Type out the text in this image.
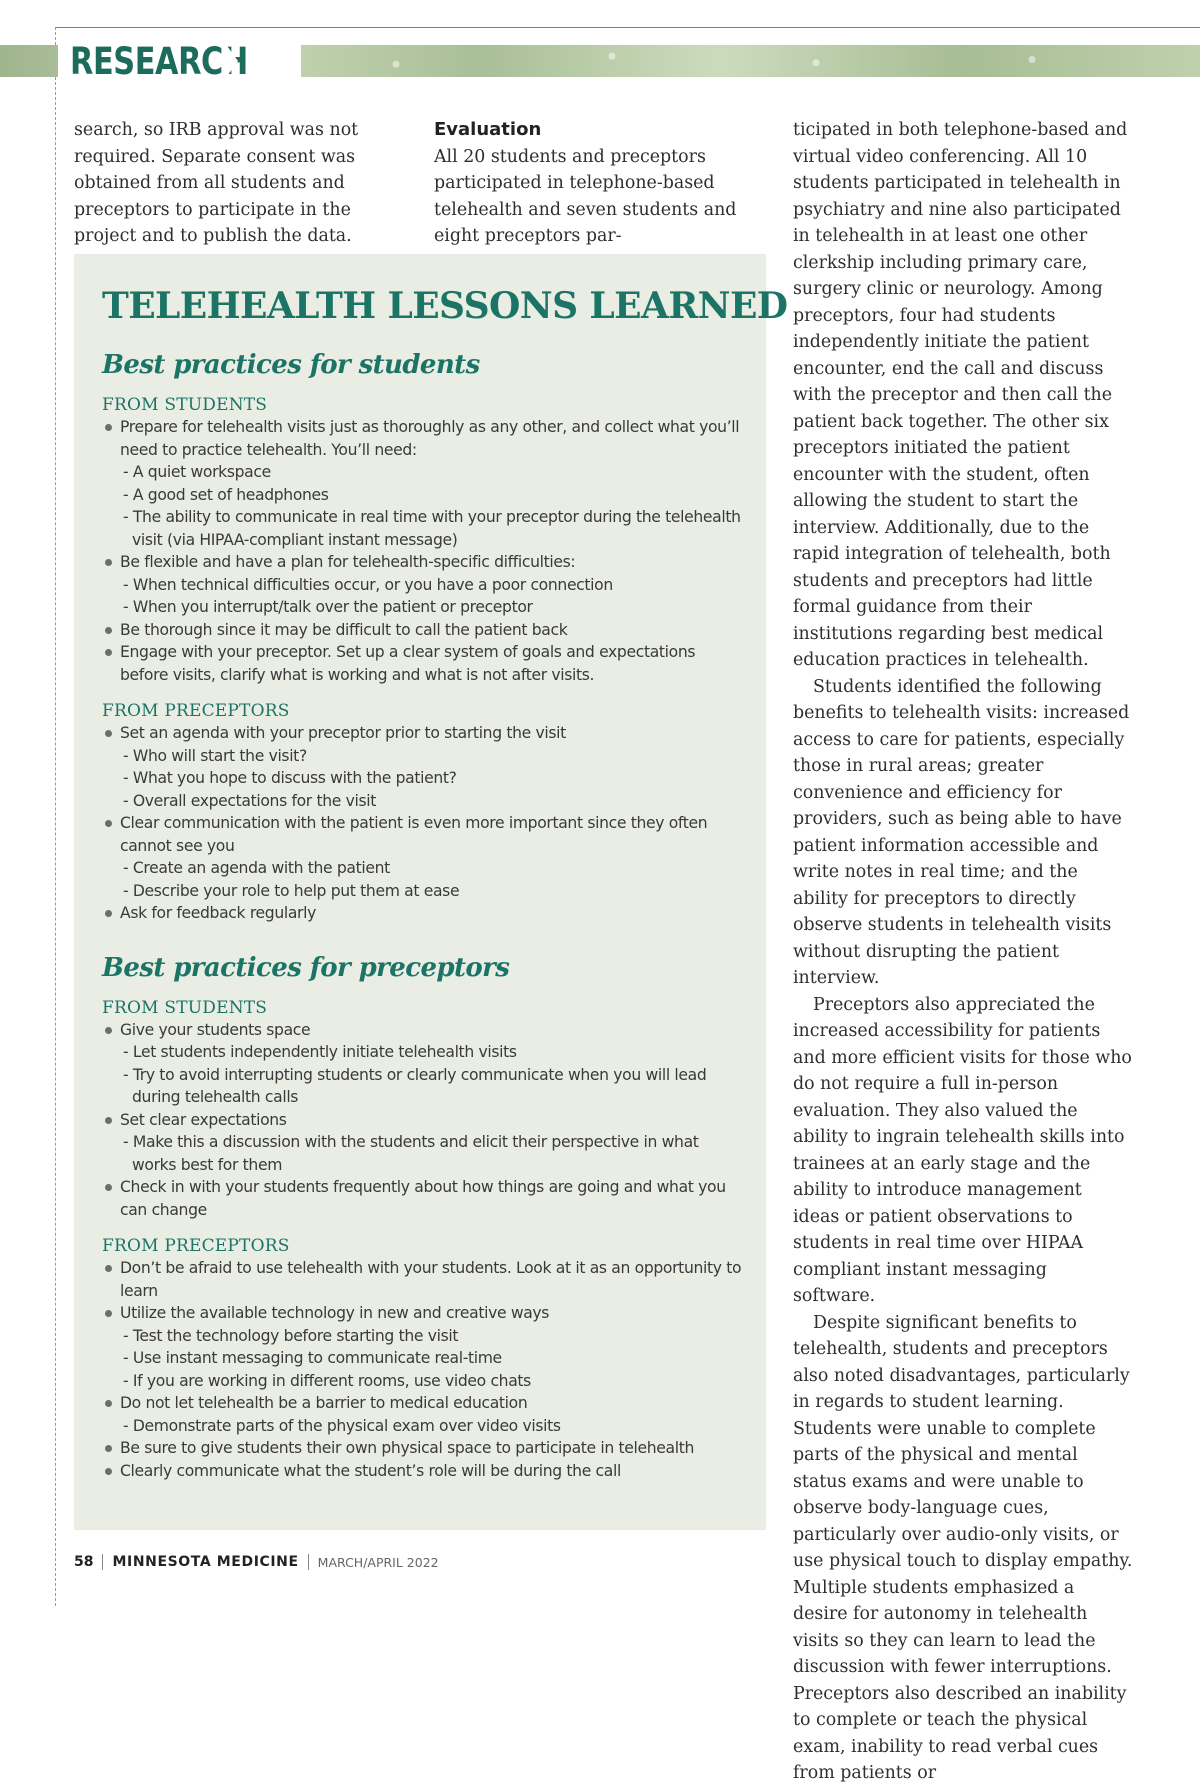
RESEARCH

search, so IRB approval was not required. Separate consent was obtained from all students and preceptors to participate in the project and to publish the data.

Evaluation

All 20 students and preceptors participated in telephone-based telehealth and seven students and eight preceptors par-

ticipated in both telephone-based and virtual video conferencing. All 10 students participated in telehealth in psychiatry and nine also participated in telehealth in at least one other clerkship including primary care, surgery clinic or neurology. Among preceptors, four had students independently initiate the patient encounter, end the call and discuss with the preceptor and then call the patient back together. The other six preceptors initiated the patient encounter with the student, often allowing the student to start the interview. Additionally, due to the rapid integration of telehealth, both students and preceptors had little formal guidance from their institutions regarding best medical education practices in telehealth.

Students identified the following benefits to telehealth visits: increased access to care for patients, especially those in rural areas; greater convenience and efficiency for providers, such as being able to have patient information accessible and write notes in real time; and the ability for preceptors to directly observe students in telehealth visits without disrupting the patient interview.

Preceptors also appreciated the increased accessibility for patients and more efficient visits for those who do not require a full in-person evaluation. They also valued the ability to ingrain telehealth skills into trainees at an early stage and the ability to introduce management ideas or patient observations to students in real time over HIPAA compliant instant messaging software.

Despite significant benefits to telehealth, students and preceptors also noted disadvantages, particularly in regards to student learning. Students were unable to complete parts of the physical and mental status exams and were unable to observe body-language cues, particularly over audio-only visits, or use physical touch to display empathy. Multiple students emphasized a desire for autonomy in telehealth visits so they can learn to lead the discussion with fewer interruptions. Preceptors also described an inability to complete or teach the physical exam, inability to read verbal cues from patients or

TELEHEALTH LESSONS LEARNED
Best practices for students
FROM STUDENTS
Prepare for telehealth visits just as thoroughly as any other, and collect what you’ll need to practice telehealth. You’ll need:
- A quiet workspace
- A good set of headphones
- The ability to communicate in real time with your preceptor during the telehealth visit (via HIPAA-compliant instant message)
Be flexible and have a plan for telehealth-specific difficulties:
- When technical difficulties occur, or you have a poor connection
- When you interrupt/talk over the patient or preceptor
Be thorough since it may be difficult to call the patient back
Engage with your preceptor. Set up a clear system of goals and expectations before visits, clarify what is working and what is not after visits.
FROM PRECEPTORS
Set an agenda with your preceptor prior to starting the visit
- Who will start the visit?
- What you hope to discuss with the patient?
- Overall expectations for the visit
Clear communication with the patient is even more important since they often cannot see you
- Create an agenda with the patient
- Describe your role to help put them at ease
Ask for feedback regularly
Best practices for preceptors
FROM STUDENTS
Give your students space
- Let students independently initiate telehealth visits
- Try to avoid interrupting students or clearly communicate when you will lead during telehealth calls
Set clear expectations
- Make this a discussion with the students and elicit their perspective in what works best for them
Check in with your students frequently about how things are going and what you can change
FROM PRECEPTORS
Don’t be afraid to use telehealth with your students. Look at it as an opportunity to learn
Utilize the available technology in new and creative ways
- Test the technology before starting the visit
- Use instant messaging to communicate real-time
- If you are working in different rooms, use video chats
Do not let telehealth be a barrier to medical education
- Demonstrate parts of the physical exam over video visits
Be sure to give students their own physical space to participate in telehealth
Clearly communicate what the student’s role will be during the call
58 MINNESOTA MEDICINE MARCH/APRIL 2022
